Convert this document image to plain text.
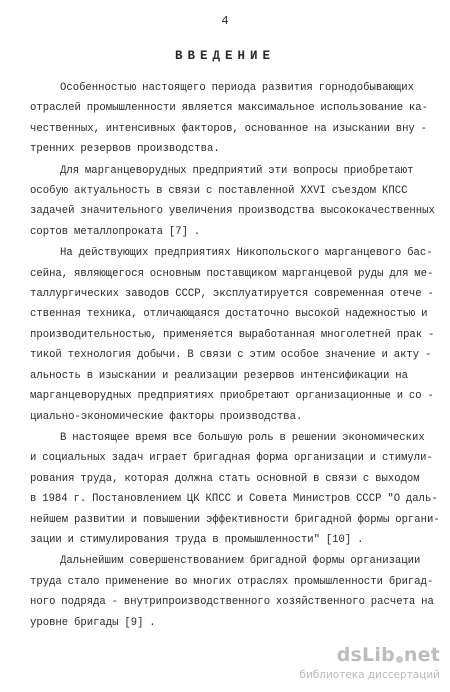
4
ВВЕДЕНИЕ

Особенностью настоящего периода развития горнодобывающих

отраслей промышленности является максимальное использование ка-

чественных, интенсивных факторов, основанное на изыскании вну -

тренних резервов производства.

Для марганцеворудных предприятий эти вопросы приобретают

особую актуальность в связи с поставленной XXVI съездом КПСС

задачей значительного увеличения производства высококачественных

сортов металлопроката [7] .

На действующих предприятиях Никопольского марганцевого бас-

сейна, являющегося основным поставщиком марганцевой руды для ме-

таллургических заводов СССР, эксплуатируется современная отече -

ственная техника, отличающаяся достаточно высокой надежностью и

производительностью, применяется выработанная многолетней прак -

тикой технология добычи. В связи с этим особое значение и акту -

альность в изыскании и реализации резервов интенсификации на

марганцеворудных предприятиях приобретают организационные и со -

циально-экономические факторы производства.

В настоящее время все большую роль в решении экономических

и социальных задач играет бригадная форма организации и стимули-

рования труда, которая должна стать основной в связи с выходом

в 1984 г. Постановлением ЦК КПСС и Совета Министров СССР "О даль-

нейшем развитии и повышении эффективности бригадной формы органи-

зации и стимулирования труда в промышленности" [10] .

Дальнейшим совершенствованием бригадной формы организации

труда стало применение во многих отраслях промышленности бригад-

ного подряда - внутрипроизводственного хозяйственного расчета на

уровне бригады [9] .

dsLib net
библиотека диссертаций
